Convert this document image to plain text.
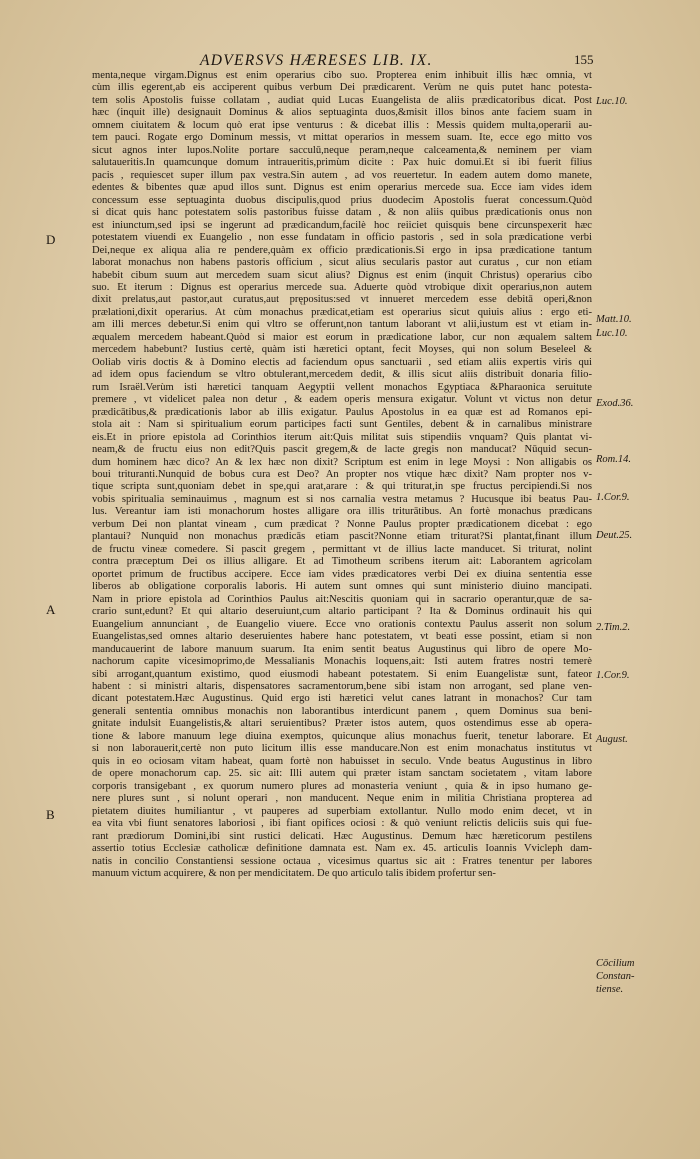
ADVERSVS HÆRESES LIB. IX.	155
menta,neque virgam.Dignus est enim operarius cibo suo. Propterea enim inhibuit illis hæc omnia, vt
cùm illis egerent,ab eis acciperent quibus verbum Dei prædicarent. Verùm ne quis putet hanc potesta-
tem solis Apostolis fuisse collatam , audiat quid Lucas Euangelista de aliis prædicatoribus dicat. Post
hæc (inquit ille) designauit Dominus & alios septuaginta duos,&misit illos binos ante faciem suam in
omnem ciuitatem & locum quò erat ipse venturus : & dicebat illis : Messis quidem multa,operarii au-
tem pauci. Rogate ergo Dominum messis, vt mittat operarios in messem suam. Ite, ecce ego mitto vos
sicut agnos inter lupos.Nolite portare sacculū,neque peram,neque calceamenta,& neminem per viam
salutaueritis.In quamcunque domum intraueritis,primùm dicite : Pax huic domui.Et si ibi fuerit filius
pacis , requiescet super illum pax vestra.Sin autem , ad vos reuertetur. In eadem autem domo manete,
edentes & bibentes quæ apud illos sunt. Dignus est enim operarius mercede sua. Ecce iam vides idem
concessum esse septuaginta duobus discipulis,quod prius duodecim Apostolis fuerat concessum.Quòd
si dicat quis hanc potestatem solis pastoribus fuisse datam , & non aliis quibus prædicationis onus non
est iniunctum,sed ipsi se ingerunt ad prædicandum,facilè hoc reiiciet quisquis bene circunspexerit hæc
potestatem viuendi ex Euangelio , non esse fundatam in officio pastoris , sed in sola prædicatione verbi
Dei,neque ex aliqua alia re pendere,quàm ex officio prædicationis.Si ergo in ipsa prædicatione tantum
laborat monachus non habens pastoris officium , sicut alius secularis pastor aut curatus , cur non etiam
habebit cibum suum aut mercedem suam sicut alius? Dignus est enim (inquit Christus) operarius cibo
suo. Et iterum : Dignus est operarius mercede sua. Aduerte quòd vtrobique dixit operarius,non autem
dixit prelatus,aut pastor,aut curatus,aut prępositus:sed vt innueret mercedem esse debitā operi,&non
prælationi,dixit operarius. At cùm monachus prædicat,etiam est operarius sicut quiuis alius : ergo eti-
am illi merces debetur.Si enim qui vltro se offerunt,non tantum laborant vt alii,iustum est vt etiam in-
æqualem mercedem habeant.Quòd si maior est eorum in prædicatione labor, cur non æqualem saltem
mercedem habebunt? Iustius certè, quàm isti hæretici optant, fecit Moyses, qui non solum Beseleel &
Ooliab viris doctis & à Domino electis ad faciendum opus sanctuarii , sed etiam aliis expertis viris qui
ad idem opus faciendum se vltro obtulerant,mercedem dedit, & illis sicut aliis distribuit donaria filio-
rum Israël.Verùm isti hæretici tanquam Aegyptii vellent monachos Egyptiaca &Pharaonica seruitute
premere , vt videlicet palea non detur , & eadem operis mensura exigatur. Volunt vt victus non detur
prædicātibus,& prædicationis labor ab illis exigatur. Paulus Apostolus in ea quæ est ad Romanos epi-
stola ait : Nam si spiritualium eorum participes facti sunt Gentiles, debent & in carnalibus ministrare
eis.Et in priore epistola ad Corinthios iterum ait:Quis militat suis stipendiis vnquam? Quis plantat vi-
neam,& de fructu eius non edit?Quis pascit gregem,& de lacte gregis non manducat? Nūquid secun-
dum hominem hæc dico? An & lex hæc non dixit? Scriptum est enim in lege Moysi : Non alligabis os
boui trituranti.Nunquid de bobus cura est Deo? An propter nos vtique hæc dixit? Nam propter nos v-
tique scripta sunt,quoniam debet in spe,qui arat,arare : & qui triturat,in spe fructus percipiendi.Si nos
vobis spiritualia seminauimus , magnum est si nos carnalia vestra metamus ? Hucusque ibi beatus Pau-
lus. Vereantur iam isti monachorum hostes alligare ora illis triturātibus. An fortè monachus prædicans
verbum Dei non plantat vineam , cum prædicat ? Nonne Paulus propter prædicationem dicebat : ego
plantaui? Nunquid non monachus prædicās etiam pascit?Nonne etiam triturat?Si plantat,finant illum
de fructu vineæ comedere. Si pascit gregem , permittant vt de illius lacte manducet. Si triturat, nolint
contra præceptum Dei os illius alligare. Et ad Timotheum scribens iterum ait: Laborantem agricolam
oportet primum de fructibus accipere. Ecce iam vides prædicatores verbi Dei ex diuina sententia esse
liberos ab obligatione corporalis laboris. Hi autem sunt omnes qui sunt ministerio diuino mancipati.
Nam in priore epistola ad Corinthios Paulus ait:Nescitis quoniam qui in sacrario operantur,quæ de sa-
crario sunt,edunt? Et qui altario deseruiunt,cum altario participant ? Ita & Dominus ordinauit his qui
Euangelium annunciant , de Euangelio viuere. Ecce vno orationis contextu Paulus asserit non solum
Euangelistas,sed omnes altario deseruientes habere hanc potestatem, vt beati esse possint, etiam si non
manducauerint de labore manuum suarum. Ita enim sentit beatus Augustinus qui libro de opere Mo-
nachorum capite vicesimoprimo,de Messalianis Monachis loquens,ait: Isti autem fratres nostri temerè
sibi arrogant,quantum existimo, quod eiusmodi habeant potestatem. Si enim Euangelistæ sunt, fateor
habent : si ministri altaris, dispensatores sacramentorum,bene sibi istam non arrogant, sed plane ven-
dicant potestatem.Hæc Augustinus. Quid ergo isti hæretici velut canes latrant in monachos? Cur tam
generali sententia omnibus monachis non laborantibus interdicunt panem , quem Dominus sua beni-
gnitate indulsit Euangelistis,& altari seruientibus? Præter istos autem, quos ostendimus esse ab opera-
tione & labore manuum lege diuina exemptos, quicunque alius monachus fuerit, tenetur laborare. Et
si non laborauerit,certè non puto licitum illis esse manducare.Non est enim monachatus institutus vt
quis in eo ociosam vitam habeat, quam fortè non habuisset in seculo. Vnde beatus Augustinus in libro
de opere monachorum cap. 25. sic ait: Illi autem qui præter istam sanctam societatem , vitam labore
corporis transigebant , ex quorum numero plures ad monasteria veniunt , quia & in ipso humano ge-
nere plures sunt , si nolunt operari , non manducent. Neque enim in militia Christiana propterea ad
pietatem diuites humiliantur , vt pauperes ad superbiam extollantur. Nullo modo enim decet, vt in
ea vita vbi fiunt senatores laboriosi , ibi fiant opifices ociosi : & quò veniunt relictis deliciis suis qui fue-
rant prædiorum Domini,ibi sint rustici delicati. Hæc Augustinus. Demum hæc hæreticorum pestilens
assertio totius Ecclesiæ catholicæ definitione damnata est. Nam ex. 45. articulis Ioannis Vvicleph dam-
natis in concilio Constantiensi sessione octaua , vicesimus quartus sic ait : Fratres tenentur per labores
manuum victum acquirere, & non per mendicitatem. De quo articulo talis ibidem profertur sen-
Luc.10.
Matt.10.
Luc.10.
Exod.36.
Rom.14.
1.Cor.9.
Deut.25.
2.Tim.2.
1.Cor.9.
August.
Cōcilium
Constan-
tiense.
D
A
B
